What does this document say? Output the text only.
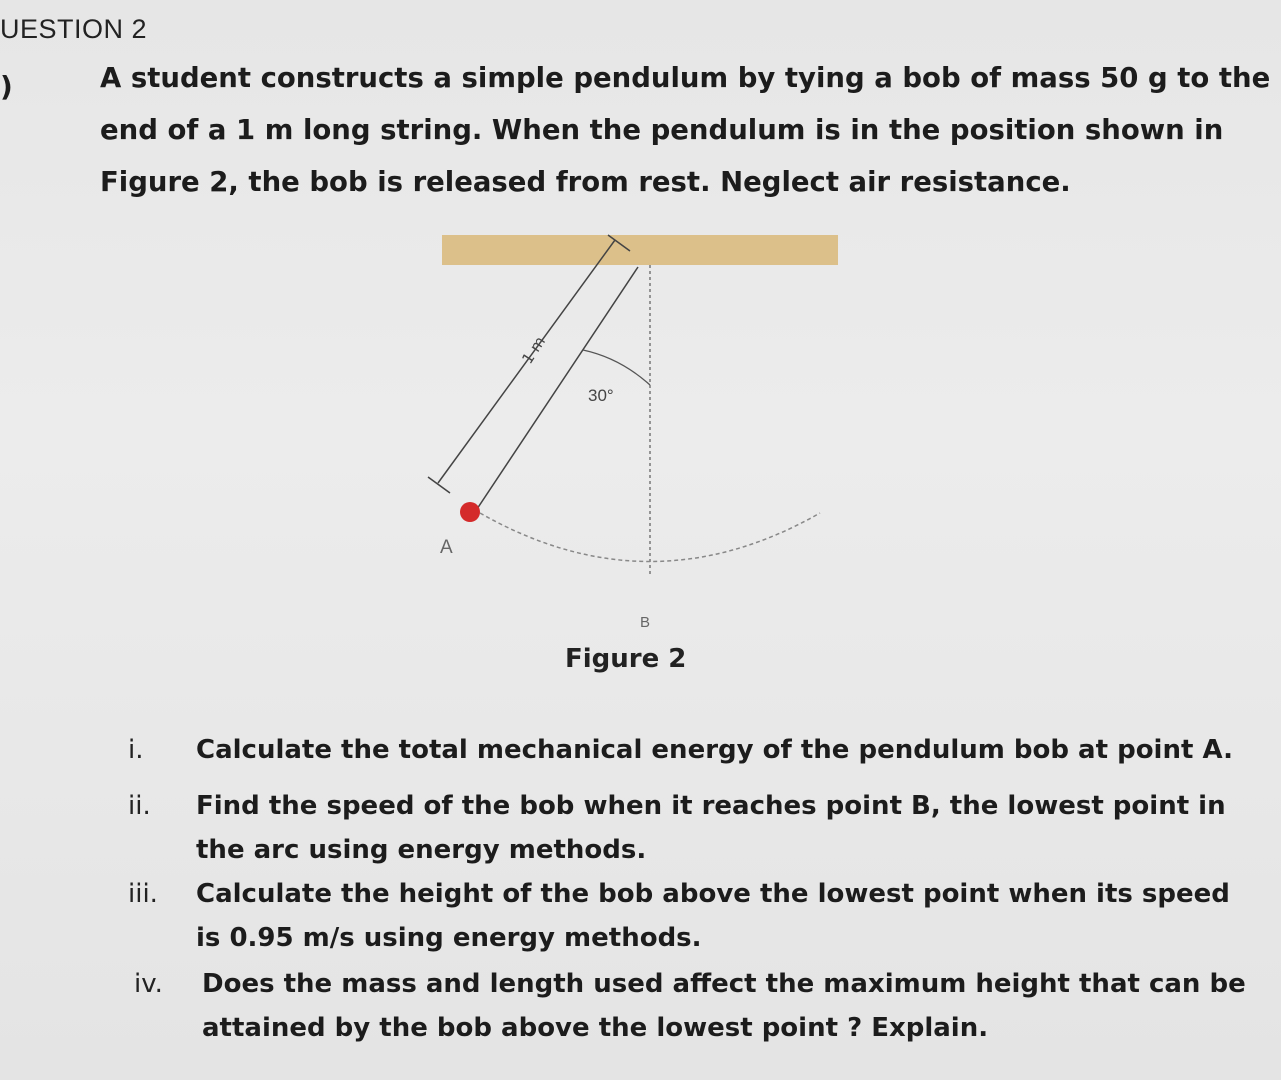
UESTION 2
)	A student constructs a simple pendulum by tying a bob of mass 50 g to the
end of a 1 m long string. When the pendulum is in the position shown in
Figure 2, the bob is released from rest. Neglect air resistance.
1 m
30°
A
B
Figure 2
i. Calculate the total mechanical energy of the pendulum bob at point A.
ii. Find the speed of the bob when it reaches point B, the lowest point in
the arc using energy methods.
iii. Calculate the height of the bob above the lowest point when its speed
is 0.95 m/s using energy methods.
iv. Does the mass and length used affect the maximum height that can be
attained by the bob above the lowest point ? Explain.
